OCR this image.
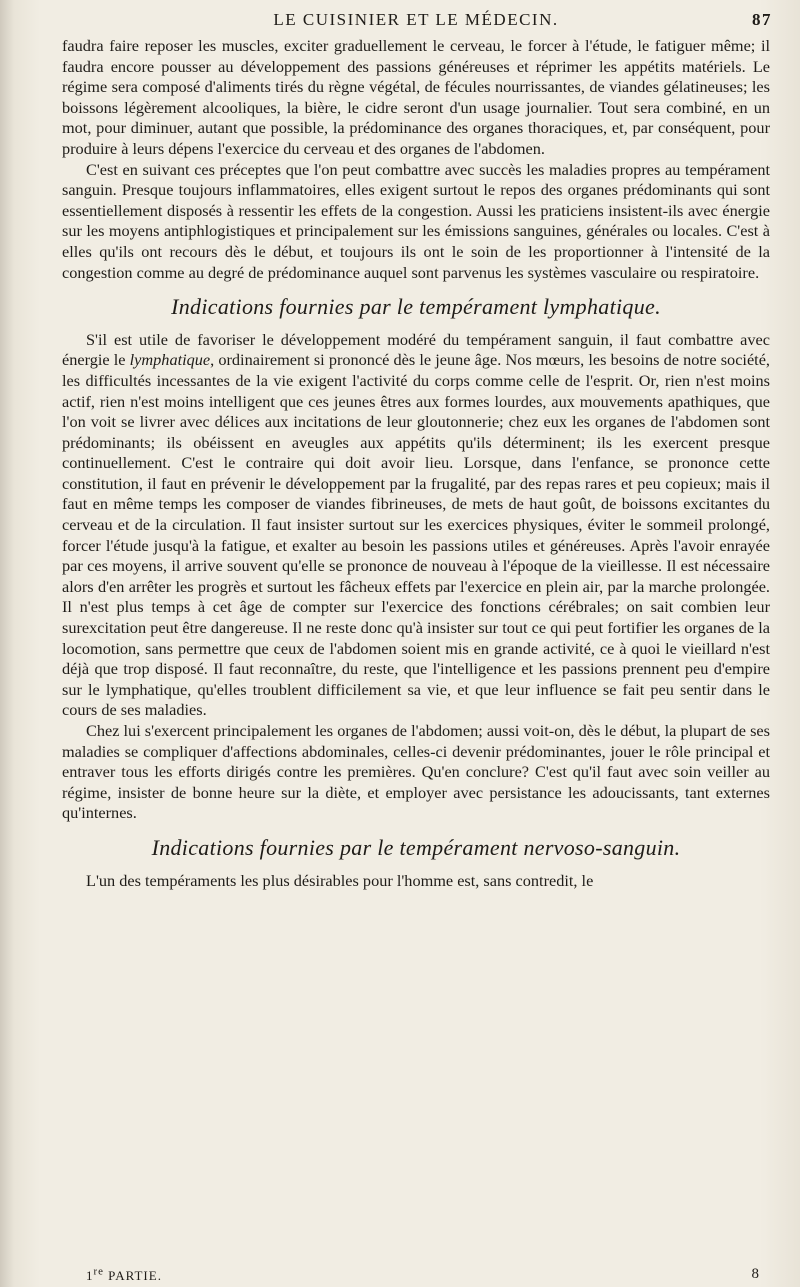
LE CUISINIER ET LE MÉDECIN.	87

faudra faire reposer les muscles, exciter graduellement le cerveau, le forcer à l'étude, le fatiguer même; il faudra encore pousser au développement des passions généreuses et réprimer les appétits matériels. Le régime sera composé d'aliments tirés du règne végétal, de fécules nourrissantes, de viandes gélatineuses; les boissons légèrement alcooliques, la bière, le cidre seront d'un usage journalier. Tout sera combiné, en un mot, pour diminuer, autant que possible, la prédominance des organes thoraciques, et, par conséquent, pour produire à leurs dépens l'exercice du cerveau et des organes de l'abdomen.

C'est en suivant ces préceptes que l'on peut combattre avec succès les maladies propres au tempérament sanguin. Presque toujours inflammatoires, elles exigent surtout le repos des organes prédominants qui sont essentiellement disposés à ressentir les effets de la congestion. Aussi les praticiens insistent-ils avec énergie sur les moyens antiphlogistiques et principalement sur les émissions sanguines, générales ou locales. C'est à elles qu'ils ont recours dès le début, et toujours ils ont le soin de les proportionner à l'intensité de la congestion comme au degré de prédominance auquel sont parvenus les systèmes vasculaire ou respiratoire.

Indications fournies par le tempérament lymphatique.

S'il est utile de favoriser le développement modéré du tempérament sanguin, il faut combattre avec énergie le lymphatique, ordinairement si prononcé dès le jeune âge. Nos mœurs, les besoins de notre société, les difficultés incessantes de la vie exigent l'activité du corps comme celle de l'esprit. Or, rien n'est moins actif, rien n'est moins intelligent que ces jeunes êtres aux formes lourdes, aux mouvements apathiques, que l'on voit se livrer avec délices aux incitations de leur gloutonnerie; chez eux les organes de l'abdomen sont prédominants; ils obéissent en aveugles aux appétits qu'ils déterminent; ils les exercent presque continuellement. C'est le contraire qui doit avoir lieu. Lorsque, dans l'enfance, se prononce cette constitution, il faut en prévenir le développement par la frugalité, par des repas rares et peu copieux; mais il faut en même temps les composer de viandes fibrineuses, de mets de haut goût, de boissons excitantes du cerveau et de la circulation. Il faut insister surtout sur les exercices physiques, éviter le sommeil prolongé, forcer l'étude jusqu'à la fatigue, et exalter au besoin les passions utiles et généreuses. Après l'avoir enrayée par ces moyens, il arrive souvent qu'elle se prononce de nouveau à l'époque de la vieillesse. Il est nécessaire alors d'en arrêter les progrès et surtout les fâcheux effets par l'exercice en plein air, par la marche prolongée. Il n'est plus temps à cet âge de compter sur l'exercice des fonctions cérébrales; on sait combien leur surexcitation peut être dangereuse. Il ne reste donc qu'à insister sur tout ce qui peut fortifier les organes de la locomotion, sans permettre que ceux de l'abdomen soient mis en grande activité, ce à quoi le vieillard n'est déjà que trop disposé. Il faut reconnaître, du reste, que l'intelligence et les passions prennent peu d'empire sur le lymphatique, qu'elles troublent difficilement sa vie, et que leur influence se fait peu sentir dans le cours de ses maladies.

Chez lui s'exercent principalement les organes de l'abdomen; aussi voit-on, dès le début, la plupart de ses maladies se compliquer d'affections abdominales, celles-ci devenir prédominantes, jouer le rôle principal et entraver tous les efforts dirigés contre les premières. Qu'en conclure? C'est qu'il faut avec soin veiller au régime, insister de bonne heure sur la diète, et employer avec persistance les adoucissants, tant externes qu'internes.

Indications fournies par le tempérament nervoso-sanguin.

L'un des tempéraments les plus désirables pour l'homme est, sans contredit, le

1re PARTIE.	8
